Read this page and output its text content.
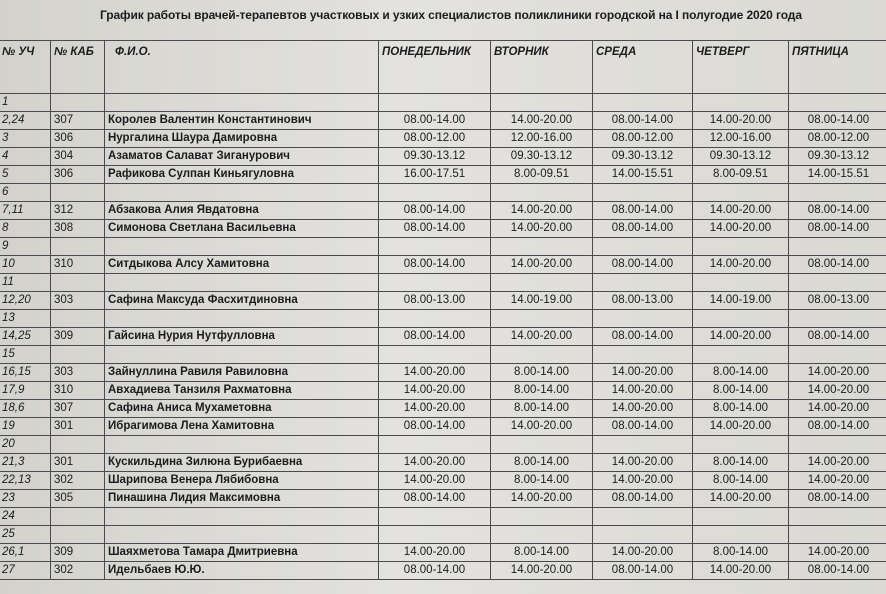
График работы врачей-терапевтов участковых и узких специалистов поликлиники городской на I полугодие 2020 года
№ УЧ	№ КАБ	Ф.И.О.	ПОНЕДЕЛЬНИК	ВТОРНИК	СРЕДА	ЧЕТВЕРГ	ПЯТНИЦА
1							
2,24	307	Королев Валентин Константинович	08.00-14.00	14.00-20.00	08.00-14.00	14.00-20.00	08.00-14.00
3	306	Нургалина Шаура Дамировна	08.00-12.00	12.00-16.00	08.00-12.00	12.00-16.00	08.00-12.00
4	304	Азаматов Салават Зиганурович	09.30-13.12	09.30-13.12	09.30-13.12	09.30-13.12	09.30-13.12
5	306	Рафикова Сулпан Киньягуловна	16.00-17.51	8.00-09.51	14.00-15.51	8.00-09.51	14.00-15.51
6							
7,11	312	Абзакова Алия Явдатовна	08.00-14.00	14.00-20.00	08.00-14.00	14.00-20.00	08.00-14.00
8	308	Симонова Светлана Васильевна	08.00-14.00	14.00-20.00	08.00-14.00	14.00-20.00	08.00-14.00
9							
10	310	Ситдыкова Алсу Хамитовна	08.00-14.00	14.00-20.00	08.00-14.00	14.00-20.00	08.00-14.00
11							
12,20	303	Сафина Максуда Фасхитдиновна	08.00-13.00	14.00-19.00	08.00-13.00	14.00-19.00	08.00-13.00
13							
14,25	309	Гайсина Нурия Нутфулловна	08.00-14.00	14.00-20.00	08.00-14.00	14.00-20.00	08.00-14.00
15							
16,15	303	Зайнуллина Равиля Равиловна	14.00-20.00	8.00-14.00	14.00-20.00	8.00-14.00	14.00-20.00
17,9	310	Авхадиева Танзиля Рахматовна	14.00-20.00	8.00-14.00	14.00-20.00	8.00-14.00	14.00-20.00
18,6	307	Сафина Аниса Мухаметовна	14.00-20.00	8.00-14.00	14.00-20.00	8.00-14.00	14.00-20.00
19	301	Ибрагимова Лена Хамитовна	08.00-14.00	14.00-20.00	08.00-14.00	14.00-20.00	08.00-14.00
20							
21,3	301	Кускильдина Зилюна Бурибаевна	14.00-20.00	8.00-14.00	14.00-20.00	8.00-14.00	14.00-20.00
22,13	302	Шарипова Венера Лябибовна	14.00-20.00	8.00-14.00	14.00-20.00	8.00-14.00	14.00-20.00
23	305	Пинашина Лидия Максимовна	08.00-14.00	14.00-20.00	08.00-14.00	14.00-20.00	08.00-14.00
24							
25							
26,1	309	Шаяхметова Тамара Дмитриевна	14.00-20.00	8.00-14.00	14.00-20.00	8.00-14.00	14.00-20.00
27	302	Идельбаев Ю.Ю.	08.00-14.00	14.00-20.00	08.00-14.00	14.00-20.00	08.00-14.00
